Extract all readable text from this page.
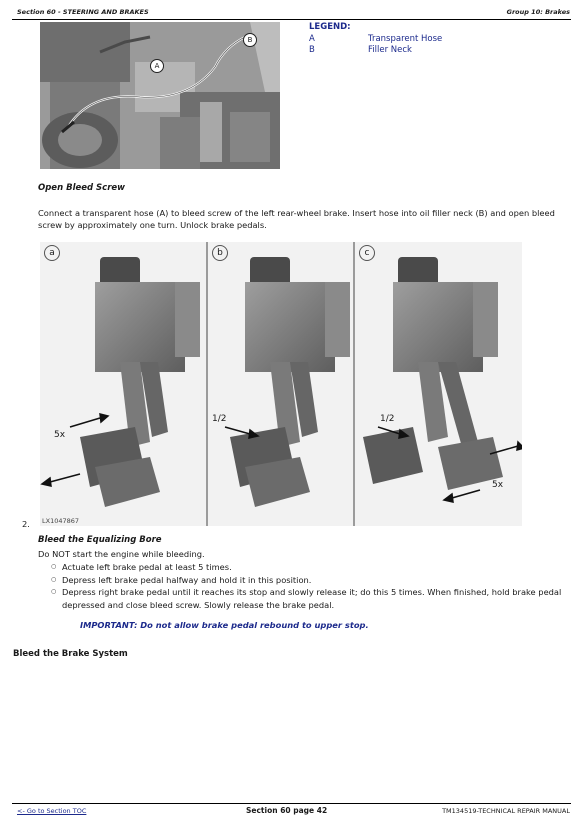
Section 60 - STEERING AND BRAKES	Group 10: Brakes
A
B
LEGEND:
A	Transparent Hose
B	Filler Neck
Open Bleed Screw
Connect a transparent hose (A) to bleed screw of the left rear-wheel brake. Insert hose into oil filler neck (B) and open bleed screw by approximately one turn. Unlock brake pedals.
a	b	c
5x
1/2	1/2
5x
LX1047867
2.
Bleed the Equalizing Bore
Do NOT start the engine while bleeding.
○ Actuate left brake pedal at least 5 times.
○ Depress left brake pedal halfway and hold it in this position.
○ Depress right brake pedal until it reaches its stop and slowly release it; do this 5 times. When finished, hold brake pedal depressed and close bleed screw. Slowly release the brake pedal.
IMPORTANT: Do not allow brake pedal rebound to upper stop.
Bleed the Brake System
<- Go to Section TOC	Section 60 page 42	TM134519-TECHNICAL REPAIR MANUAL
